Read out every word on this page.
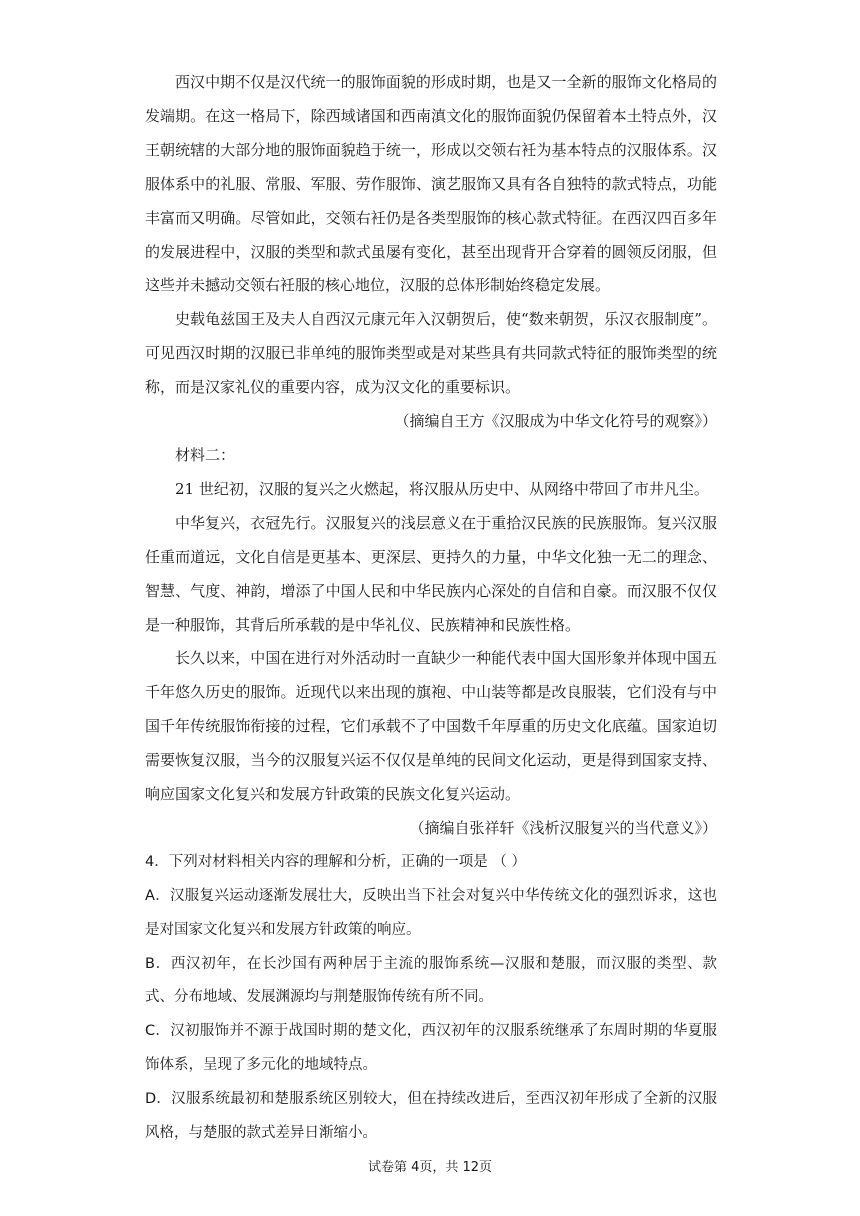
西汉中期不仅是汉代统一的服饰面貌的形成时期，也是又一全新的服饰文化格局的发端期。在这一格局下，除西域诸国和西南滇文化的服饰面貌仍保留着本土特点外，汉王朝统辖的大部分地的服饰面貌趋于统一，形成以交领右衽为基本特点的汉服体系。汉服体系中的礼服、常服、军服、劳作服饰、演艺服饰又具有各自独特的款式特点，功能丰富而又明确。尽管如此，交领右衽仍是各类型服饰的核心款式特征。在西汉四百多年的发展进程中，汉服的类型和款式虽屡有变化，甚至出现背开合穿着的圆领反闭服，但这些并未撼动交领右衽服的核心地位，汉服的总体形制始终稳定发展。

史载龟兹国王及夫人自西汉元康元年入汉朝贺后，使“数来朝贺，乐汉衣服制度”。可见西汉时期的汉服已非单纯的服饰类型或是对某些具有共同款式特征的服饰类型的统称，而是汉家礼仪的重要内容，成为汉文化的重要标识。

（摘编自王方《汉服成为中华文化符号的观察》）

材料二：

21 世纪初，汉服的复兴之火燃起，将汉服从历史中、从网络中带回了市井凡尘。

中华复兴，衣冠先行。汉服复兴的浅层意义在于重拾汉民族的民族服饰。复兴汉服任重而道远，文化自信是更基本、更深层、更持久的力量，中华文化独一无二的理念、智慧、气度、神韵，增添了中国人民和中华民族内心深处的自信和自豪。而汉服不仅仅是一种服饰，其背后所承载的是中华礼仪、民族精神和民族性格。

长久以来，中国在进行对外活动时一直缺少一种能代表中国大国形象并体现中国五千年悠久历史的服饰。近现代以来出现的旗袍、中山装等都是改良服装，它们没有与中国千年传统服饰衔接的过程，它们承载不了中国数千年厚重的历史文化底蕴。国家迫切需要恢复汉服，当今的汉服复兴运不仅仅是单纯的民间文化运动，更是得到国家支持、响应国家文化复兴和发展方针政策的民族文化复兴运动。

（摘编自张祥轩《浅析汉服复兴的当代意义》）

4．下列对材料相关内容的理解和分析，正确的一项是 （ ）

A．汉服复兴运动逐渐发展壮大，反映出当下社会对复兴中华传统文化的强烈诉求，这也是对国家文化复兴和发展方针政策的响应。

B．西汉初年，在长沙国有两种居于主流的服饰系统—汉服和楚服，而汉服的类型、款式、分布地域、发展渊源均与荆楚服饰传统有所不同。

C．汉初服饰并不源于战国时期的楚文化，西汉初年的汉服系统继承了东周时期的华夏服饰体系，呈现了多元化的地域特点。

D．汉服系统最初和楚服系统区别较大，但在持续改进后，至西汉初年形成了全新的汉服风格，与楚服的款式差异日渐缩小。

试卷第 4页，共 12页
